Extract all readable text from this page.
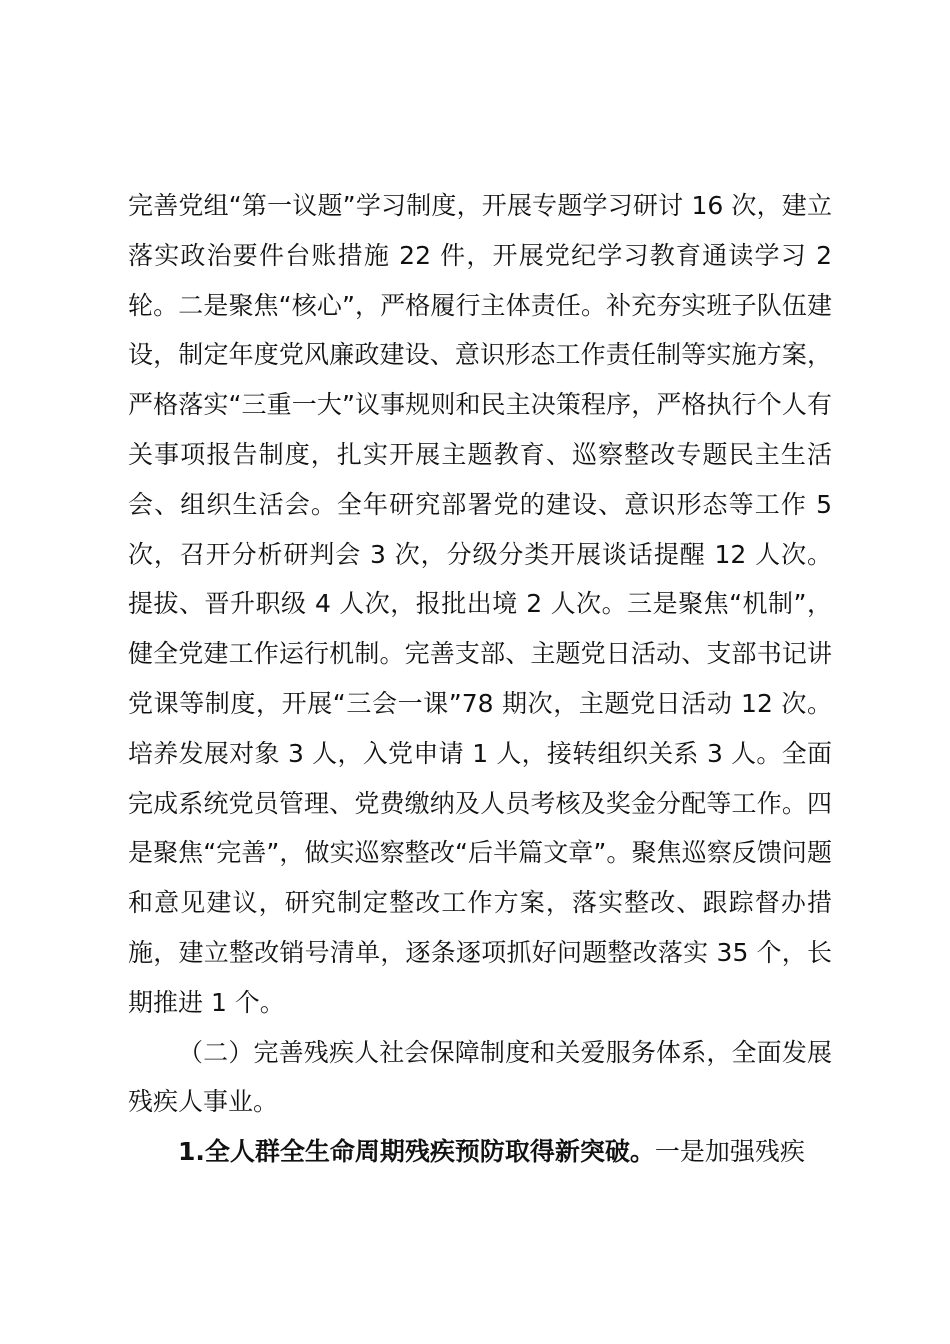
完善党组“第一议题”学习制度，开展专题学习研讨 16 次，建立落实政治要件台账措施 22 件，开展党纪学习教育通读学习 2 轮。二是聚焦“核心”，严格履行主体责任。补充夯实班子队伍建设，制定年度党风廉政建设、意识形态工作责任制等实施方案，严格落实“三重一大”议事规则和民主决策程序，严格执行个人有关事项报告制度，扎实开展主题教育、巡察整改专题民主生活会、组织生活会。全年研究部署党的建设、意识形态等工作 5 次，召开分析研判会 3 次，分级分类开展谈话提醒 12 人次。提拔、晋升职级 4 人次，报批出境 2 人次。三是聚焦“机制”，健全党建工作运行机制。完善支部、主题党日活动、支部书记讲党课等制度，开展“三会一课”78 期次，主题党日活动 12 次。培养发展对象 3 人，入党申请 1 人，接转组织关系 3 人。全面完成系统党员管理、党费缴纳及人员考核及奖金分配等工作。四是聚焦“完善”，做实巡察整改“后半篇文章”。聚焦巡察反馈问题和意见建议，研究制定整改工作方案，落实整改、跟踪督办措施，建立整改销号清单，逐条逐项抓好问题整改落实 35 个，长期推进 1 个。

（二）完善残疾人社会保障制度和关爱服务体系，全面发展残疾人事业。

1.全人群全生命周期残疾预防取得新突破。一是加强残疾
